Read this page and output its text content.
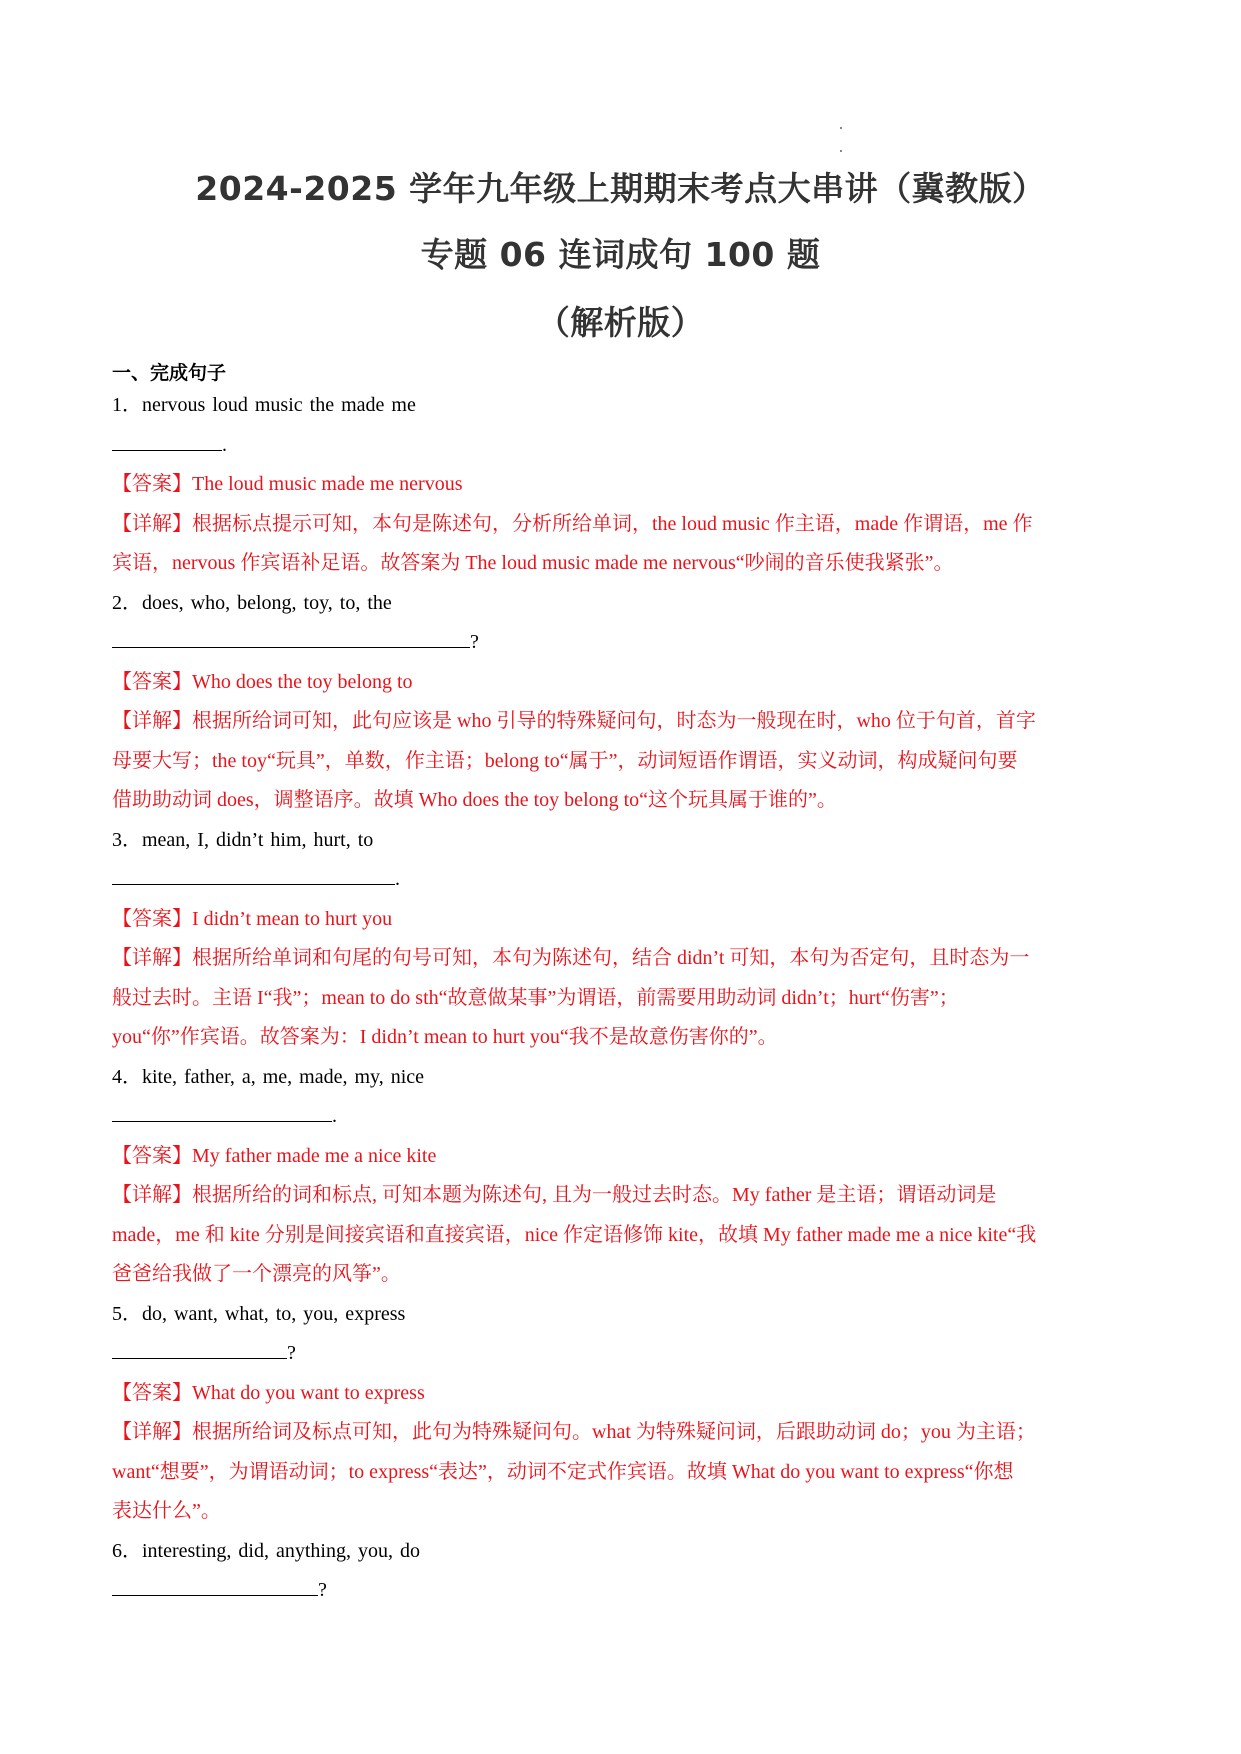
2024-2025 学年九年级上期期末考点大串讲（冀教版）
专题 06 连词成句 100 题
（解析版）
一、完成句子
1．nervous loud music the made me
.
【答案】The loud music made me nervous
【详解】根据标点提示可知，本句是陈述句，分析所给单词，the loud music 作主语，made 作谓语，me 作
宾语，nervous 作宾语补足语。故答案为 The loud music made me nervous“吵闹的音乐使我紧张”。
2．does, who, belong, toy, to, the
?
【答案】Who does the toy belong to
【详解】根据所给词可知，此句应该是 who 引导的特殊疑问句，时态为一般现在时，who 位于句首，首字
母要大写；the toy“玩具”，单数，作主语；belong to“属于”，动词短语作谓语，实义动词，构成疑问句要
借助助动词 does，调整语序。故填 Who does the toy belong to“这个玩具属于谁的”。
3．mean, I, didn’t him, hurt, to
.
【答案】I didn’t mean to hurt you
【详解】根据所给单词和句尾的句号可知，本句为陈述句，结合 didn’t 可知，本句为否定句，且时态为一
般过去时。主语 I“我”；mean to do sth“故意做某事”为谓语，前需要用助动词 didn’t；hurt“伤害”；
you“你”作宾语。故答案为：I didn’t mean to hurt you“我不是故意伤害你的”。
4．kite, father, a, me, made, my, nice
.
【答案】My father made me a nice kite
【详解】根据所给的词和标点, 可知本题为陈述句, 且为一般过去时态。My father 是主语；谓语动词是
made，me 和 kite 分别是间接宾语和直接宾语，nice 作定语修饰 kite，故填 My father made me a nice kite“我
爸爸给我做了一个漂亮的风筝”。
5．do, want, what, to, you, express
?
【答案】What do you want to express
【详解】根据所给词及标点可知，此句为特殊疑问句。what 为特殊疑问词，后跟助动词 do；you 为主语；
want“想要”，为谓语动词；to express“表达”，动词不定式作宾语。故填 What do you want to express“你想
表达什么”。
6．interesting, did, anything, you, do
?
